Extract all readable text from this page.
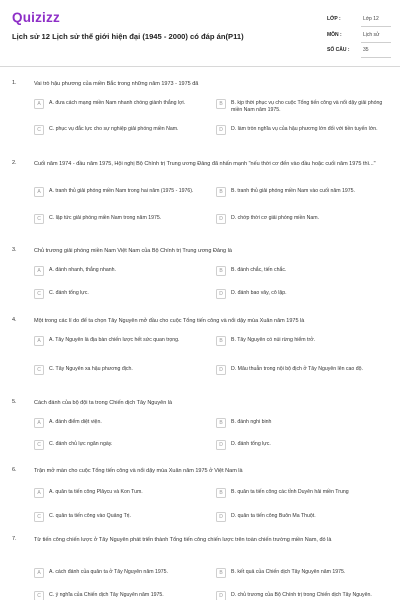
Quizizz
Lịch sử 12 Lịch sử thế giới hiện đại (1945 - 2000) có đáp án(P11)
LỚP :	Lớp 12
MÔN :	Lịch sử
SỐ CÂU :	35
1.	Vai trò hậu phương của miền Bắc trong những năm 1973 - 1975 đã
A	A. đưa cách mạng miền Nam nhanh chóng giành thắng lợi.	B	B. kịp thời phục vụ cho cuộc Tổng tiến công và nổi dậy giải phóng miền Nam năm 1975.
C	C. phục vụ đắc lực cho sự nghiệp giải phóng miền Nam.	D	D. làm tròn nghĩa vụ của hậu phương lớn đối với tiền tuyến lớn.
2.	Cuối năm 1974 - đầu năm 1975, Hội nghị Bộ Chính trị Trung ương Đảng đã nhấn mạnh "nếu thời cơ đến vào đầu hoặc cuối năm 1975 thì..."
A	A. tranh thủ giải phóng miền Nam trong hai năm (1975 - 1976).	B	B. tranh thủ giải phóng miền Nam vào cuối năm 1975.
C	C. lập tức giải phóng miền Nam trong năm 1975.	D	D. chớp thời cơ giải phóng miền Nam.
3.	Chủ trương giải phóng miền Nam Việt Nam của Bộ Chính trị Trung ương Đảng là
A	A. đánh nhanh, thắng nhanh.	B	B. đánh chắc, tiến chắc.
C	C. đánh tổng lực.	D	D. đánh bao vây, cô lập.
4.	Một trong các lí do để ta chọn Tây Nguyên mở đầu cho cuộc Tổng tiến công và nổi dậy mùa Xuân năm 1975 là
A	A. Tây Nguyên là địa bàn chiến lược hết sức quan trọng.	B	B. Tây Nguyên có núi rừng hiểm trở.
C	C. Tây Nguyên xa hậu phương địch.	D	D. Mâu thuẫn trong nội bộ địch ở Tây Nguyên lên cao độ.
5.	Cách đánh của bộ đội ta trong Chiến dịch Tây Nguyên là
A	A. đánh điểm diệt viện.	B	B. đánh nghi binh
C	C. đánh chủ lực ngăn ngày.	D	D. đánh tổng lực.
6.	Trận mở màn cho cuộc Tổng tiến công và nổi dậy mùa Xuân năm 1975 ở Việt Nam là
A	A. quân ta tiến công Plâycu và Kon Tum.	B	B. quân ta tiến công các tỉnh Duyên hải miền Trung
C	C. quân ta tiến công vào Quảng Trị.	D	D. quân ta tiến công Buôn Ma Thuột.
7.	Từ tiến công chiến lược ở Tây Nguyên phát triển thành Tổng tiến công chiến lược trên toàn chiến trường miền Nam, đó là
A	A. cách đánh của quân ta ở Tây Nguyên năm 1975.	B	B. kết quả của Chiến dịch Tây Nguyên năm 1975.
C	C. ý nghĩa của Chiến dịch Tây Nguyên năm 1975.	D	D. chủ trương của Bộ Chính trị trong Chiến dịch Tây Nguyên.
